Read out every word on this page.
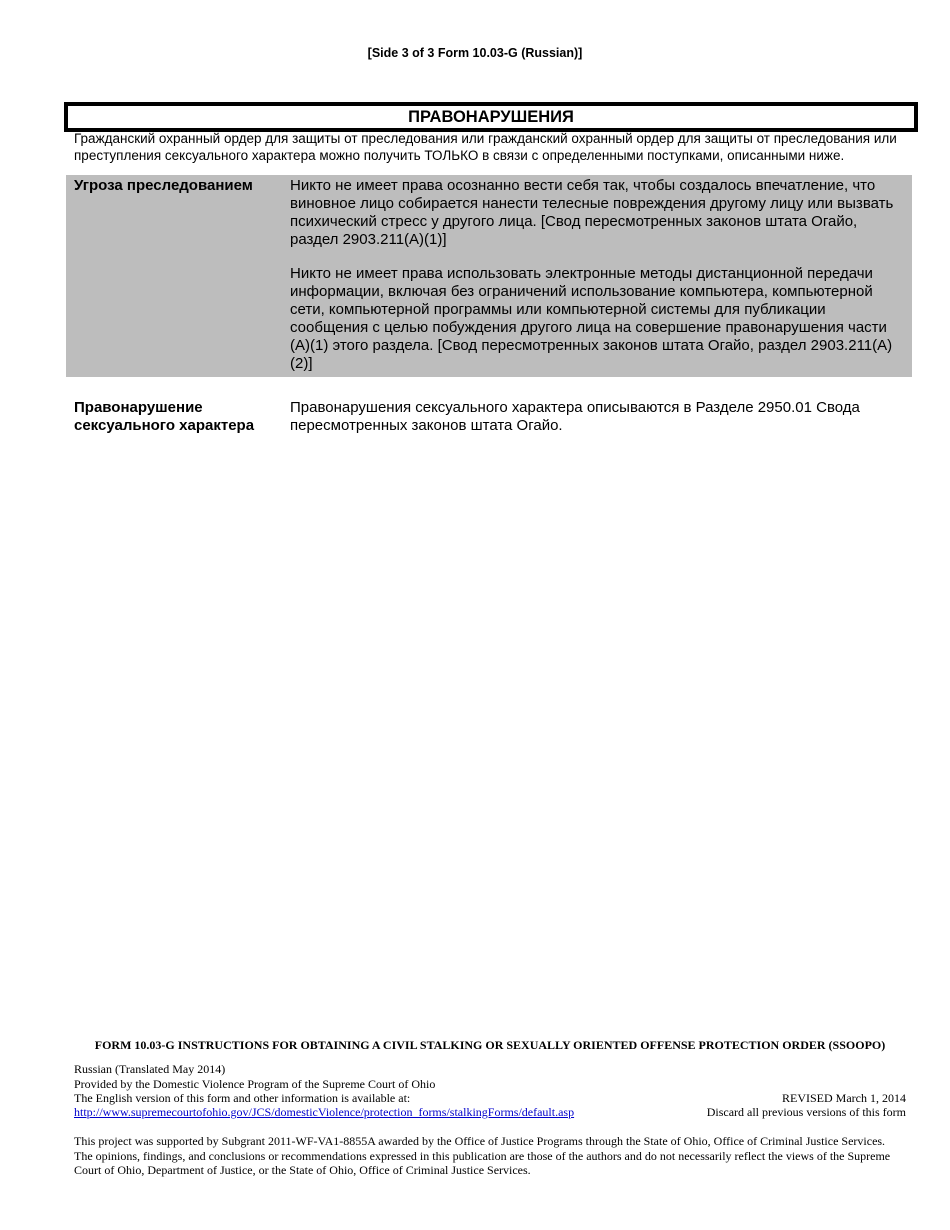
[Side 3 of 3 Form 10.03-G (Russian)]
ПРАВОНАРУШЕНИЯ
Гражданский охранный ордер для защиты от преследования или гражданский охранный ордер для защиты от преследования или преступления сексуального характера можно получить ТОЛЬКО в связи с определенными поступками, описанными ниже.
Угроза преследованием	Никто не имеет права осознанно вести себя так, чтобы создалось впечатление, что виновное лицо собирается нанести телесные повреждения другому лицу или вызвать психический стресс у другого лица. [Свод пересмотренных законов штата Огайо, раздел 2903.211(A)(1)]
Никто не имеет права использовать электронные методы дистанционной передачи информации, включая без ограничений использование компьютера, компьютерной сети, компьютерной программы или компьютерной системы для публикации сообщения с целью побуждения другого лица на совершение правонарушения части (A)(1) этого раздела. [Свод пересмотренных законов штата Огайо, раздел 2903.211(A)(2)]
Правонарушение сексуального характера
Правонарушения сексуального характера описываются в Разделе 2950.01 Свода пересмотренных законов штата Огайо.
FORM 10.03-G INSTRUCTIONS FOR OBTAINING A CIVIL STALKING OR SEXUALLY ORIENTED OFFENSE PROTECTION ORDER (SSOOPO)
Russian (Translated May 2014)
Provided by the Domestic Violence Program of the Supreme Court of Ohio
The English version of this form and other information is available at:
http://www.supremecourtofohio.gov/JCS/domesticViolence/protection_forms/stalkingForms/default.asp
REVISED March 1, 2014
Discard all previous versions of this form
This project was supported by Subgrant 2011-WF-VA1-8855A awarded by the Office of Justice Programs through the State of Ohio, Office of Criminal Justice Services. The opinions, findings, and conclusions or recommendations expressed in this publication are those of the authors and do not necessarily reflect the views of the Supreme Court of Ohio, Department of Justice, or the State of Ohio, Office of Criminal Justice Services.
